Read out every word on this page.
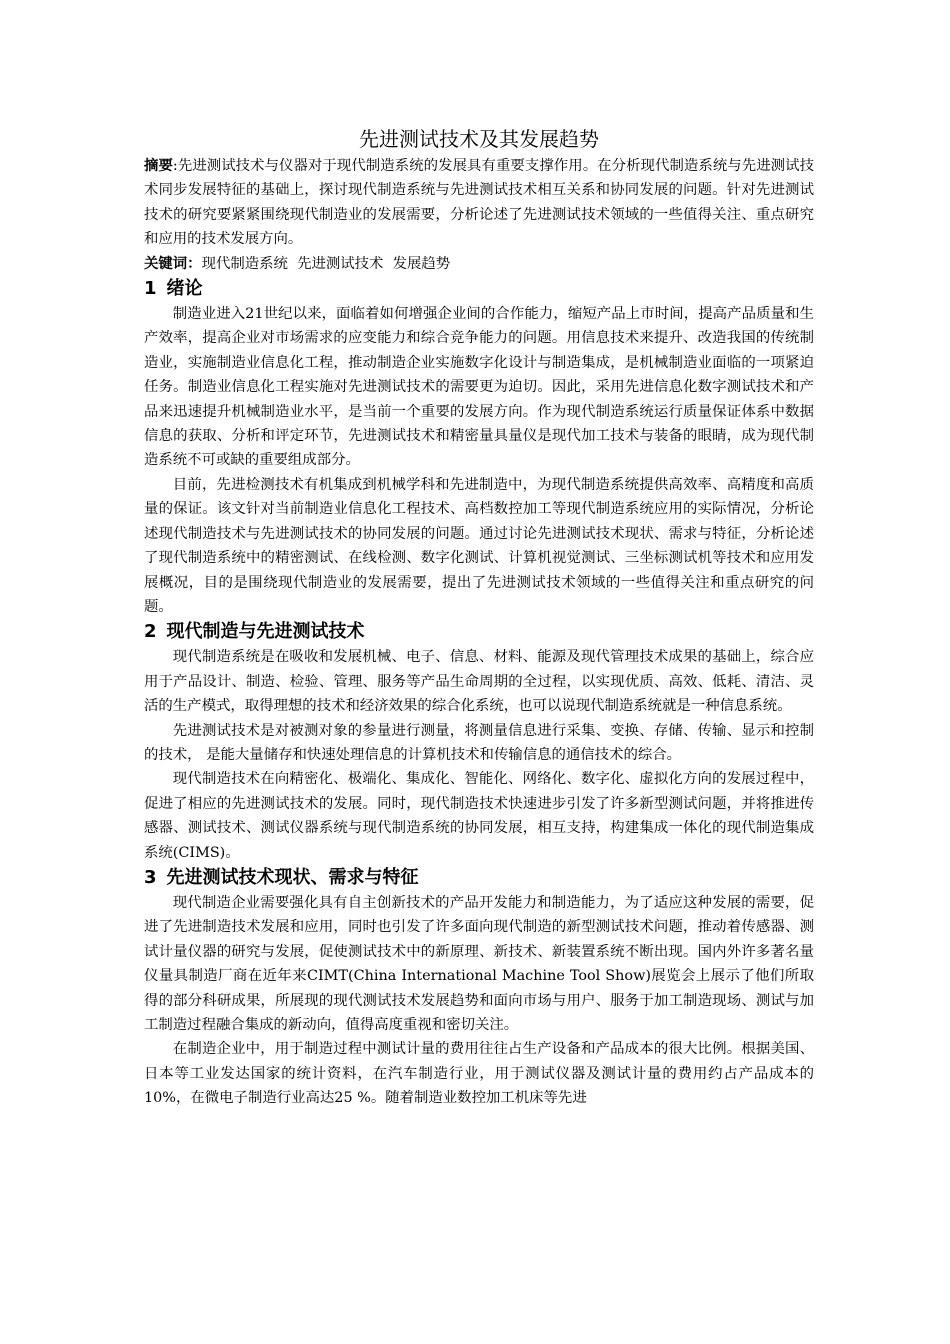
先进测试技术及其发展趋势

摘要:先进测试技术与仪器对于现代制造系统的发展具有重要支撑作用。在分析现代制造系统与先进测试技术同步发展特征的基础上，探讨现代制造系统与先进测试技术相互关系和协同发展的问题。针对先进测试技术的研究要紧紧围绕现代制造业的发展需要，分析论述了先进测试技术领域的一些值得关注、重点研究和应用的技术发展方向。

关键词：现代制造系统  先进测试技术  发展趋势

1 绪论

制造业进入21世纪以来，面临着如何增强企业间的合作能力，缩短产品上市时间，提高产品质量和生产效率，提高企业对市场需求的应变能力和综合竞争能力的问题。用信息技术来提升、改造我国的传统制造业，实施制造业信息化工程，推动制造企业实施数字化设计与制造集成，是机械制造业面临的一项紧迫任务。制造业信息化工程实施对先进测试技术的需要更为迫切。因此，采用先进信息化数字测试技术和产品来迅速提升机械制造业水平，是当前一个重要的发展方向。作为现代制造系统运行质量保证体系中数据信息的获取、分析和评定环节，先进测试技术和精密量具量仪是现代加工技术与装备的眼睛，成为现代制造系统不可或缺的重要组成部分。

目前，先进检测技术有机集成到机械学科和先进制造中，为现代制造系统提供高效率、高精度和高质量的保证。该文针对当前制造业信息化工程技术、高档数控加工等现代制造系统应用的实际情况，分析论述现代制造技术与先进测试技术的协同发展的问题。通过讨论先进测试技术现状、需求与特征，分析论述了现代制造系统中的精密测试、在线检测、数字化测试、计算机视觉测试、三坐标测试机等技术和应用发展概况，目的是围绕现代制造业的发展需要，提出了先进测试技术领域的一些值得关注和重点研究的问题。

2 现代制造与先进测试技术

现代制造系统是在吸收和发展机械、电子、信息、材料、能源及现代管理技术成果的基础上，综合应用于产品设计、制造、检验、管理、服务等产品生命周期的全过程，以实现优质、高效、低耗、清洁、灵活的生产模式，取得理想的技术和经济效果的综合化系统，也可以说现代制造系统就是一种信息系统。

先进测试技术是对被测对象的参量进行测量，将测量信息进行采集、变换、存储、传输、显示和控制的技术， 是能大量储存和快速处理信息的计算机技术和传输信息的通信技术的综合。

现代制造技术在向精密化、极端化、集成化、智能化、网络化、数字化、虚拟化方向的发展过程中，促进了相应的先进测试技术的发展。同时，现代制造技术快速进步引发了许多新型测试问题，并将推进传感器、测试技术、测试仪器系统与现代制造系统的协同发展，相互支持，构建集成一体化的现代制造集成系统(CIMS)。

3 先进测试技术现状、需求与特征

现代制造企业需要强化具有自主创新技术的产品开发能力和制造能力，为了适应这种发展的需要，促进了先进制造技术发展和应用，同时也引发了许多面向现代制造的新型测试技术问题，推动着传感器、测试计量仪器的研究与发展，促使测试技术中的新原理、新技术、新装置系统不断出现。国内外许多著名量仪量具制造厂商在近年来CIMT(China International Machine Tool Show)展览会上展示了他们所取得的部分科研成果，所展现的现代测试技术发展趋势和面向市场与用户、服务于加工制造现场、测试与加工制造过程融合集成的新动向，值得高度重视和密切关注。

在制造企业中，用于制造过程中测试计量的费用往往占生产设备和产品成本的很大比例。根据美国、日本等工业发达国家的统计资料，在汽车制造行业，用于测试仪器及测试计量的费用约占产品成本的10%，在微电子制造行业高达25 %。随着制造业数控加工机床等先进
